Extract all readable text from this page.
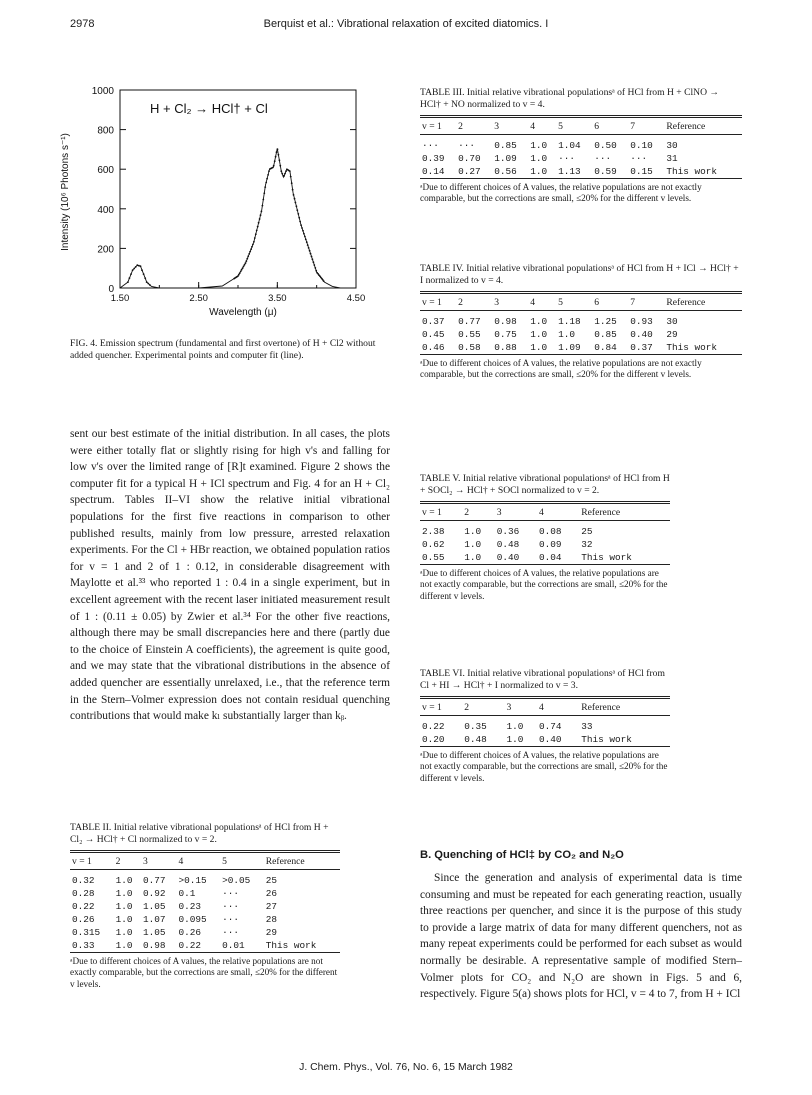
2978	Berquist et al.: Vibrational relaxation of excited diatomics. I
0
200
400
600
800
1000
1.50	2.50	3.50	4.50
H + Cl₂ → HCl† + Cl
Wavelength (μ)
Intensity (10⁶ Photons s⁻¹)
FIG. 4. Emission spectrum (fundamental and first overtone) of H + Cl2 without added quencher. Experimental points and computer fit (line).

sent our best estimate of the initial distribution. In all cases, the plots were either totally flat or slightly rising for high v's and falling for low v's over the limited range of [R]t examined. Figure 2 shows the computer fit for a typical H + ICl spectrum and Fig. 4 for an H + Cl₂ spectrum. Tables II–VI show the relative initial vibrational populations for the first five reactions in comparison to other published results, mainly from low pressure, arrested relaxation experiments. For the Cl + HBr reaction, we obtained population ratios for v = 1 and 2 of 1 : 0.12, in considerable disagreement with Maylotte et al.³³ who reported 1 : 0.4 in a single experiment, but in excellent agreement with the recent laser initiated measurement result of 1 : (0.11 ± 0.05) by Zwier et al.³⁴ For the other five reactions, although there may be small discrepancies here and there (partly due to the choice of Einstein A coefficients), the agreement is quite good, and we may state that the vibrational distributions in the absence of added quencher are essentially unrelaxed, i.e., that the reference term in the Stern–Volmer expression does not contain residual quenching contributions that would make kₗ substantially larger than kᵦ.

TABLE II. Initial relative vibrational populationsᵃ of HCl from H + Cl₂ → HCl† + Cl normalized to v = 2.
v = 1	2	3	4	5	Reference
0.32	1.0	0.77	>0.15	>0.05	25
0.28	1.0	0.92	0.1	···	26
0.22	1.0	1.05	0.23	···	27
0.26	1.0	1.07	0.095	···	28
0.315	1.0	1.05	0.26	···	29
0.33	1.0	0.98	0.22	0.01	This work
ᵃDue to different choices of A values, the relative populations are not exactly comparable, but the corrections are small, ≤20% for the different v levels.
TABLE III. Initial relative vibrational populationsᵃ of HCl from H + ClNO → HCl† + NO normalized to v = 4.
v = 1	2	3	4	5	6	7	Reference
···	···	0.85	1.0	1.04	0.50	0.10	30
0.39	0.70	1.09	1.0	···	···	···	31
0.14	0.27	0.56	1.0	1.13	0.59	0.15	This work
ᵃDue to different choices of A values, the relative populations are not exactly comparable, but the corrections are small, ≤20% for the different v levels.
TABLE IV. Initial relative vibrational populationsᵃ of HCl from H + ICl → HCl† + I normalized to v = 4.
v = 1	2	3	4	5	6	7	Reference
0.37	0.77	0.98	1.0	1.18	1.25	0.93	30
0.45	0.55	0.75	1.0	1.0	0.85	0.40	29
0.46	0.58	0.88	1.0	1.09	0.84	0.37	This work
ᵃDue to different choices of A values, the relative populations are not exactly comparable, but the corrections are small, ≤20% for the different v levels.
TABLE V. Initial relative vibrational populationsᵃ of HCl from H + SOCl₂ → HCl† + SOCl normalized to v = 2.
v = 1	2	3	4	Reference
2.38	1.0	0.36	0.08	25
0.62	1.0	0.48	0.09	32
0.55	1.0	0.40	0.04	This work
ᵃDue to different choices of A values, the relative populations are not exactly comparable, but the corrections are small, ≤20% for the different v levels.
TABLE VI. Initial relative vibrational populationsᵃ of HCl from Cl + HI → HCl† + I normalized to v = 3.
v = 1	2	3	4	Reference
0.22	0.35	1.0	0.74	33
0.20	0.48	1.0	0.40	This work
ᵃDue to different choices of A values, the relative populations are not exactly comparable, but the corrections are small, ≤20% for the different v levels.
B. Quenching of HCl‡ by CO₂ and N₂O
Since the generation and analysis of experimental data is time consuming and must be repeated for each generating reaction, usually three reactions per quencher, and since it is the purpose of this study to provide a large matrix of data for many different quenchers, not as many repeat experiments could be performed for each subset as would normally be desirable. A representative sample of modified Stern–Volmer plots for CO₂ and N₂O are shown in Figs. 5 and 6, respectively. Figure 5(a) shows plots for HCl, v = 4 to 7, from H + ICl
J. Chem. Phys., Vol. 76, No. 6, 15 March 1982
